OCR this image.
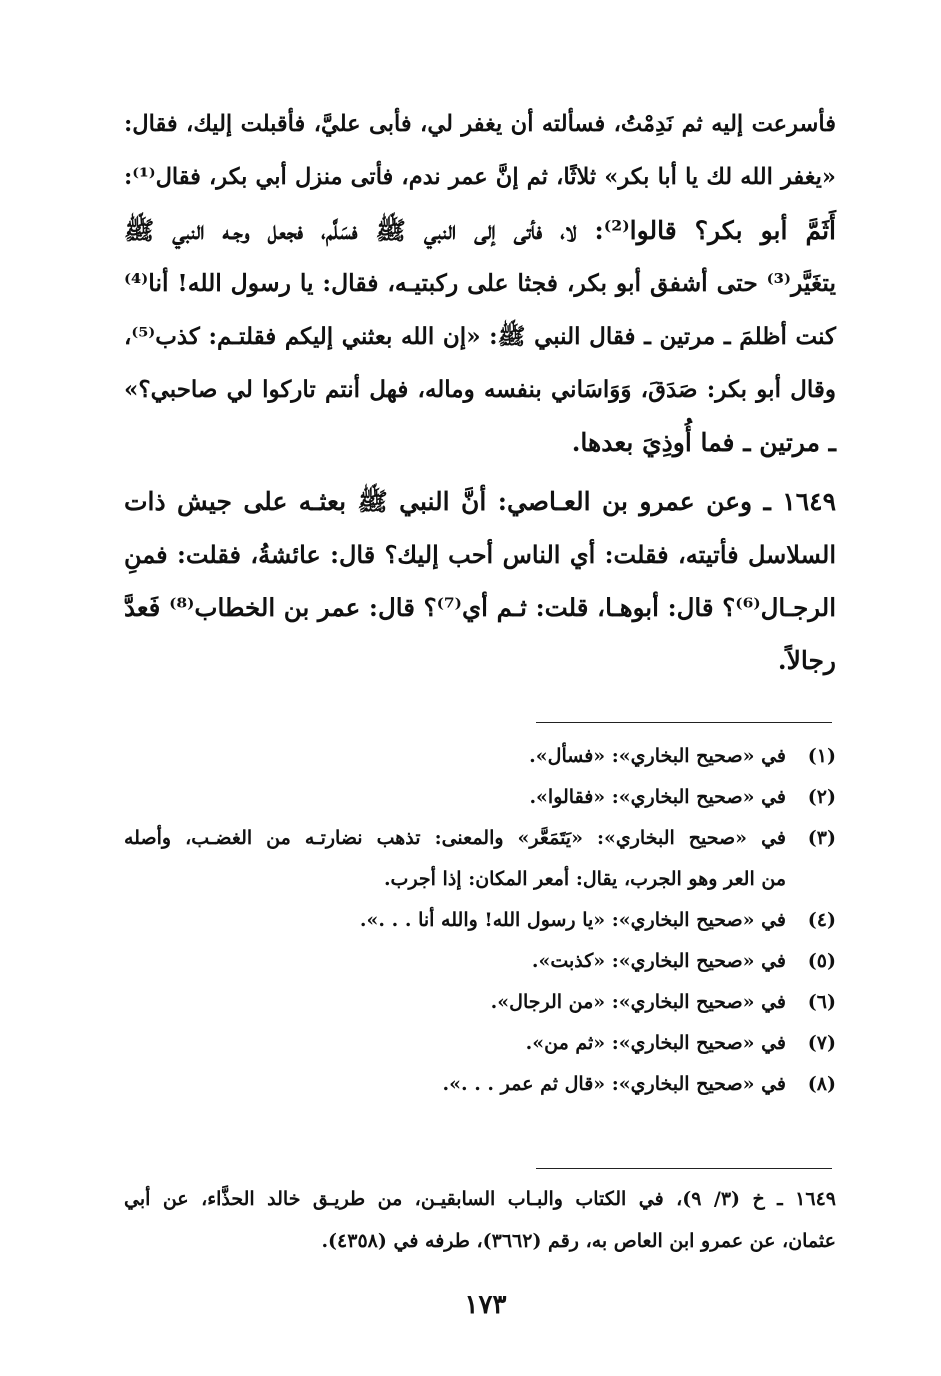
فأسرعت إليه ثم نَدِمْتُ، فسألته أن يغفر لي، فأبى عليَّ، فأقبلت إليك، فقال:
«يغفر الله لك يا أبا بكر» ثلاثًا، ثم إنَّ عمر ندم، فأتى منزل أبي بكر، فقال⁽¹⁾:
أَثَمَّ أبو بكر؟ قالوا⁽²⁾: لا، فأتى إلى النبي ﷺ فسَلَّم، فجعل وجـه النبي ﷺ
يتغَيَّر⁽³⁾ حتى أشفق أبو بكر، فجثا على ركبتيـه، فقال: يا رسول الله! أنا⁽⁴⁾
كنت أظلمَ ـ مرتين ـ فقال النبي ﷺ: «إن الله بعثني إليكم فقلتـم: كذب⁽⁵⁾،
وقال أبو بكر: صَدَقَ، وَوَاسَاني بنفسه وماله، فهل أنتم تاركوا لي صاحبي؟»
ـ مرتين ـ فما أُوذِيَ بعدها.
١٦٤٩ ـ وعن عمرو بن العـاصي: أنَّ النبي ﷺ بعثـه على جيش ذات
السلاسل فأتيته، فقلت: أي الناس أحب إليك؟ قال: عائشةُ، فقلت: فمنِ
الرجـال⁽⁶⁾؟ قال: أبوهـا، قلت: ثـم أي⁽⁷⁾؟ قال: عمر بن الخطاب⁽⁸⁾ فَعدَّ
رجالاً.
(١)
في «صحيح البخاري»: «فسأل».
(٢)
في «صحيح البخاري»: «فقالوا».
(٣)
في «صحيح البخاري»: «يَتَمَعَّر» والمعنى: تذهب نضارتـه من الغضـب، وأصله
من العر وهو الجرب، يقال: أمعر المكان: إذا أجرب.
(٤)
في «صحيح البخاري»: «يا رسول الله! والله أنا . . .».
(٥)
في «صحيح البخاري»: «كذبت».
(٦)
في «صحيح البخاري»: «من الرجال».
(٧)
في «صحيح البخاري»: «ثم من».
(٨)
في «صحيح البخاري»: «قال ثم عمر . . .».
١٦٤٩ ـ خ (٣/ ٩)، في الكتاب والبـاب السابقيـن، من طريـق خالد الحذَّاء، عن أبي
عثمان، عن عمرو ابن العاص به، رقم (٣٦٦٢)، طرفه في (٤٣٥٨).
١٧٣
